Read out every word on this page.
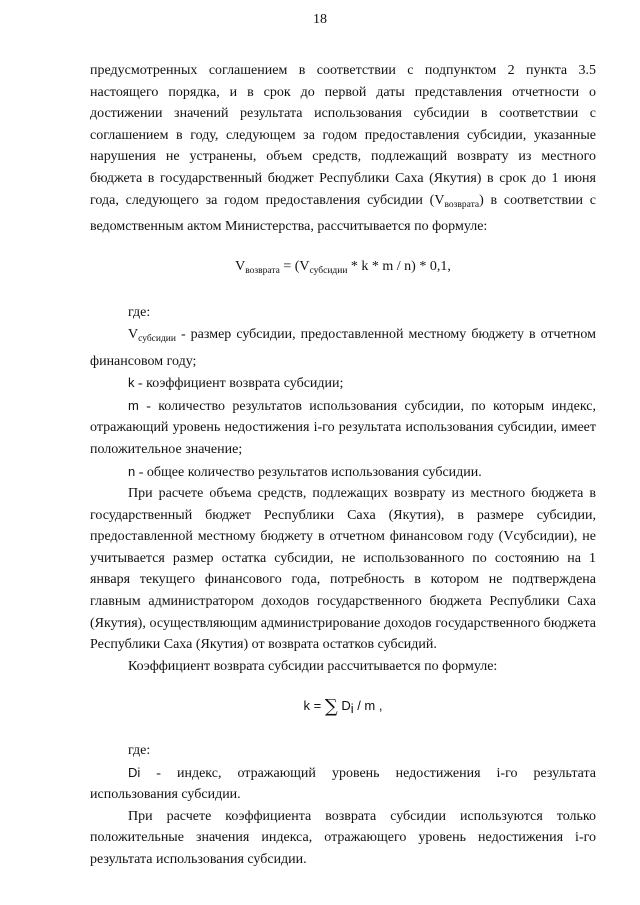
18

предусмотренных соглашением в соответствии с подпунктом 2 пункта 3.5 настоящего порядка, и в срок до первой даты представления отчетности о достижении значений результата использования субсидии в соответствии с соглашением в году, следующем за годом предоставления субсидии, указанные нарушения не устранены, объем средств, подлежащий возврату из местного бюджета в государственный бюджет Республики Саха (Якутия) в срок до 1 июня года, следующего за годом предоставления субсидии $(V_{возврата})$ в соответствии с ведомственным актом Министерства, рассчитывается по формуле:

$V_{возврата} = (V_{субсидии} * k * m / n) * 0,1$,

где:

$V_{субсидии}$ - размер субсидии, предоставленной местному бюджету в отчетном финансовом году;

k - коэффициент возврата субсидии;

m - количество результатов использования субсидии, по которым индекс, отражающий уровень недостижения i-го результата использования субсидии, имеет положительное значение;

n - общее количество результатов использования субсидии.

При расчете объема средств, подлежащих возврату из местного бюджета в государственный бюджет Республики Саха (Якутия), в размере субсидии, предоставленной местному бюджету в отчетном финансовом году (Vсубсидии), не учитывается размер остатка субсидии, не использованного по состоянию на 1 января текущего финансового года, потребность в котором не подтверждена главным администратором доходов государственного бюджета Республики Саха (Якутия), осуществляющим администрирование доходов государственного бюджета Республики Саха (Якутия) от возврата остатков субсидий.

Коэффициент возврата субсидии рассчитывается по формуле:

k = ∑ $D_i$ / m ,

где:

Di - индекс, отражающий уровень недостижения i-го результата использования субсидии.

При расчете коэффициента возврата субсидии используются только положительные значения индекса, отражающего уровень недостижения i-го результата использования субсидии.
